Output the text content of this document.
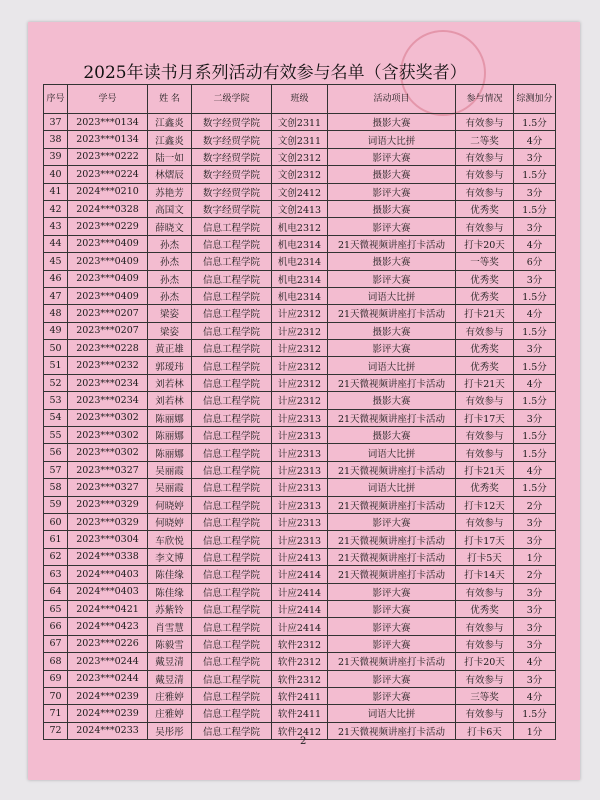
2025年读书月系列活动有效参与名单（含获奖者）
序号	学号	姓 名	二级学院	班级	活动项目	参与情况	综测加分
37	2023***0134	江鑫炎	数字经贸学院	文创2311	摄影大赛	有效参与	1.5分
38	2023***0134	江鑫炎	数字经贸学院	文创2311	词语大比拼	二等奖	4分
39	2023***0222	陆一如	数字经贸学院	文创2312	影评大赛	有效参与	3分
40	2023***0224	林熠辰	数字经贸学院	文创2312	摄影大赛	有效参与	1.5分
41	2024***0210	苏艳芳	数字经贸学院	文创2412	影评大赛	有效参与	3分
42	2024***0328	高国文	数字经贸学院	文创2413	摄影大赛	优秀奖	1.5分
43	2023***0229	薛晓文	信息工程学院	机电2312	影评大赛	有效参与	3分
44	2023***0409	孙杰	信息工程学院	机电2314	21天微视频讲座打卡活动	打卡20天	4分
45	2023***0409	孙杰	信息工程学院	机电2314	摄影大赛	一等奖	6分
46	2023***0409	孙杰	信息工程学院	机电2314	影评大赛	优秀奖	3分
47	2023***0409	孙杰	信息工程学院	机电2314	词语大比拼	优秀奖	1.5分
48	2023***0207	梁姿	信息工程学院	计应2312	21天微视频讲座打卡活动	打卡21天	4分
49	2023***0207	梁姿	信息工程学院	计应2312	摄影大赛	有效参与	1.5分
50	2023***0228	黄正雄	信息工程学院	计应2312	影评大赛	优秀奖	3分
51	2023***0232	郭瑷玮	信息工程学院	计应2312	词语大比拼	优秀奖	1.5分
52	2023***0234	刘若林	信息工程学院	计应2312	21天微视频讲座打卡活动	打卡21天	4分
53	2023***0234	刘若林	信息工程学院	计应2312	摄影大赛	有效参与	1.5分
54	2023***0302	陈丽娜	信息工程学院	计应2313	21天微视频讲座打卡活动	打卡17天	3分
55	2023***0302	陈丽娜	信息工程学院	计应2313	摄影大赛	有效参与	1.5分
56	2023***0302	陈丽娜	信息工程学院	计应2313	词语大比拼	有效参与	1.5分
57	2023***0327	吴丽霞	信息工程学院	计应2313	21天微视频讲座打卡活动	打卡21天	4分
58	2023***0327	吴丽霞	信息工程学院	计应2313	词语大比拼	优秀奖	1.5分
59	2023***0329	何晓婷	信息工程学院	计应2313	21天微视频讲座打卡活动	打卡12天	2分
60	2023***0329	何晓婷	信息工程学院	计应2313	影评大赛	有效参与	3分
61	2023***0304	车欣悦	信息工程学院	计应2313	21天微视频讲座打卡活动	打卡17天	3分
62	2024***0338	李文博	信息工程学院	计应2413	21天微视频讲座打卡活动	打卡5天	1分
63	2024***0403	陈佳缘	信息工程学院	计应2414	21天微视频讲座打卡活动	打卡14天	2分
64	2024***0403	陈佳缘	信息工程学院	计应2414	影评大赛	有效参与	3分
65	2024***0421	苏紫铃	信息工程学院	计应2414	影评大赛	优秀奖	3分
66	2024***0423	肖雪慧	信息工程学院	计应2414	影评大赛	有效参与	3分
67	2023***0226	陈毅雪	信息工程学院	软件2312	影评大赛	有效参与	3分
68	2023***0244	戴昱清	信息工程学院	软件2312	21天微视频讲座打卡活动	打卡20天	4分
69	2023***0244	戴昱清	信息工程学院	软件2312	影评大赛	有效参与	3分
70	2024***0239	庄雅婷	信息工程学院	软件2411	影评大赛	三等奖	4分
71	2024***0239	庄雅婷	信息工程学院	软件2411	词语大比拼	有效参与	1.5分
72	2024***0233	吴彤彤	信息工程学院	软件2412	21天微视频讲座打卡活动	打卡6天	1分
2
